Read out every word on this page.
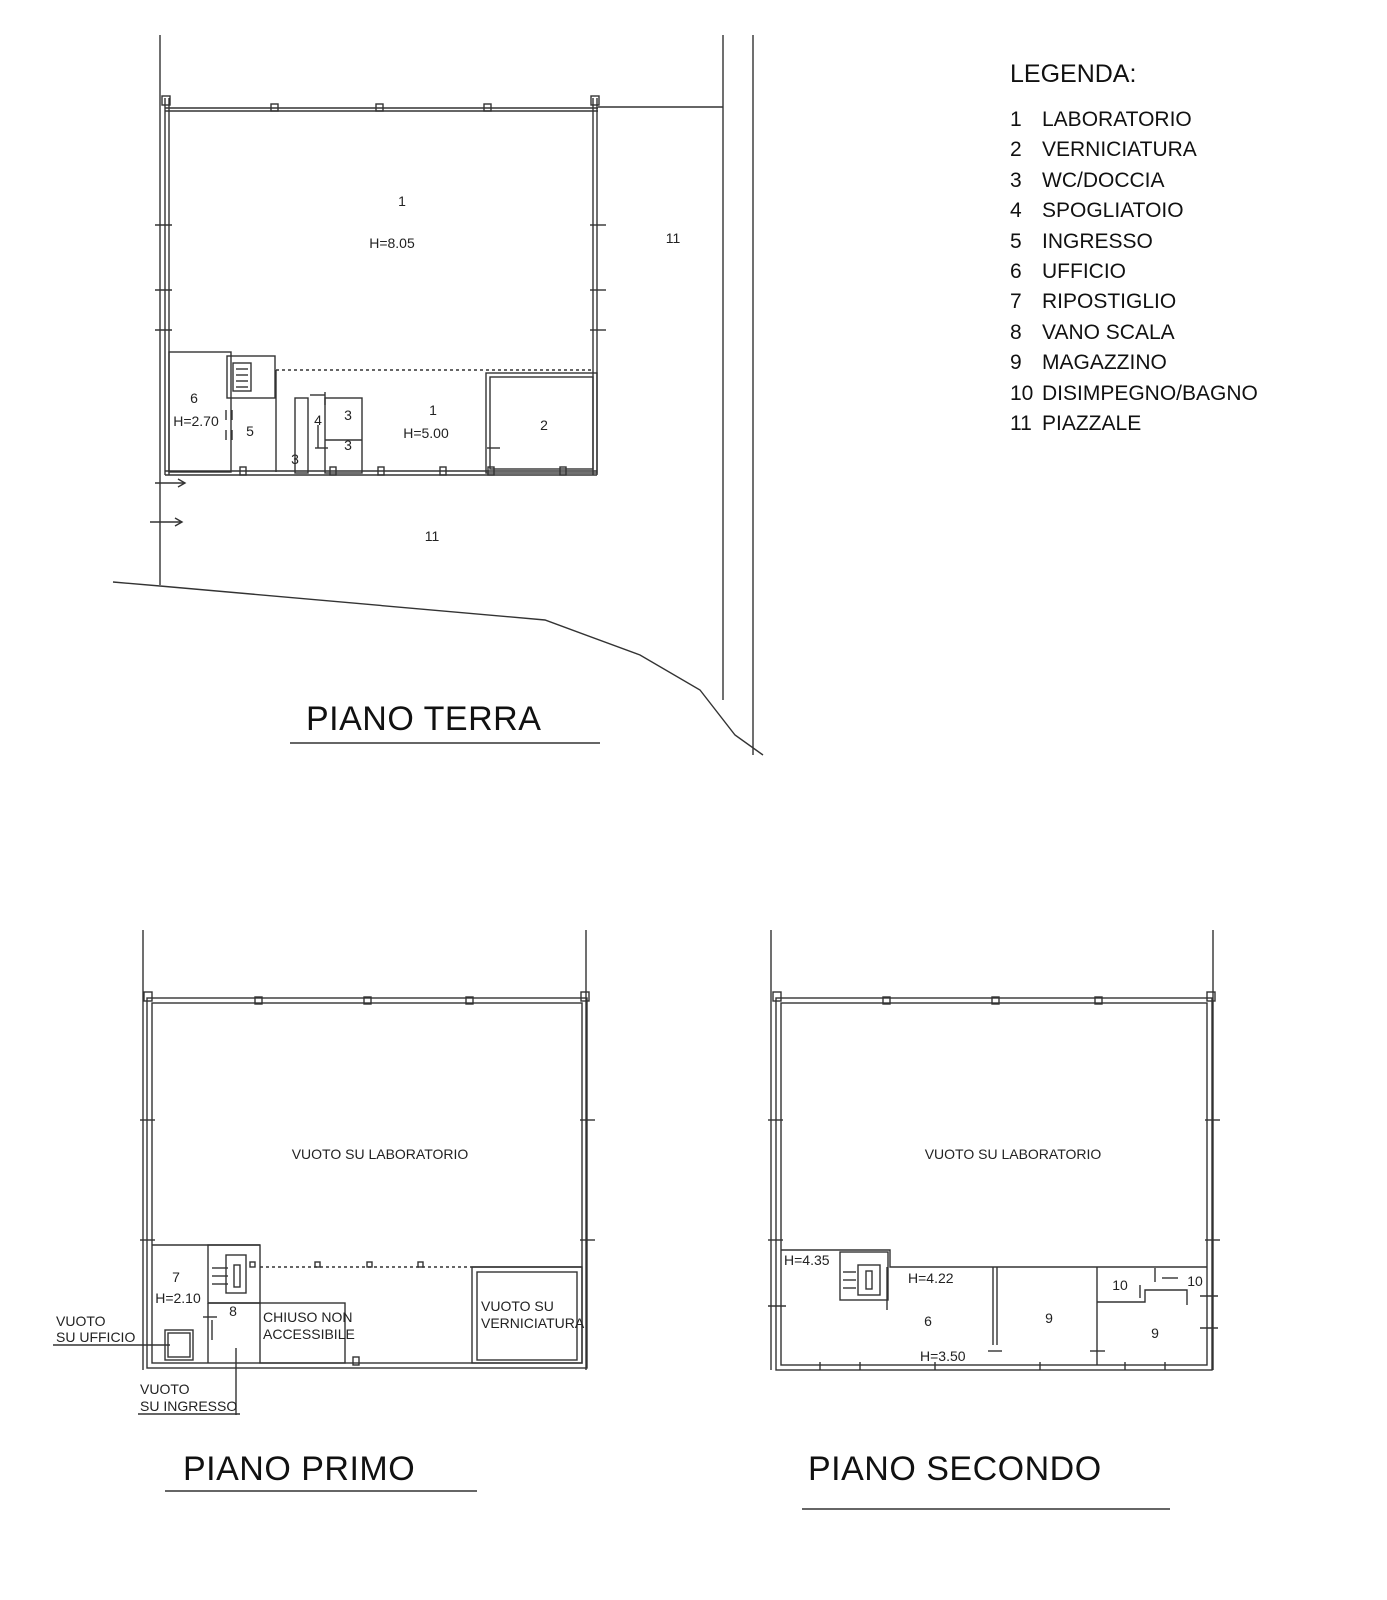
1
H=8.05	11
11
6
H=2.70
5
3
4 3
3
1
H=5.00	2
VUOTO SU LABORATORIO
7
H=2.10
8 CHIUSO NON
ACCESSIBILE
VUOTO SU
VERNICIATURA
VUOTO
SU UFFICIO
VUOTO
SU INGRESSO
VUOTO SU LABORATORIO
H=4.35
H=4.22
6
H=3.50
9
9
10	10
LEGENDA:
1 LABORATORIO
2 VERNICIATURA
3 WC/DOCCIA
4 SPOGLIATOIO
5 INGRESSO
6 UFFICIO
7 RIPOSTIGLIO
8 VANO SCALA
9 MAGAZZINO
10 DISIMPEGNO/BAGNO
11 PIAZZALE
PIANO TERRA
PIANO PRIMO	PIANO SECONDO
